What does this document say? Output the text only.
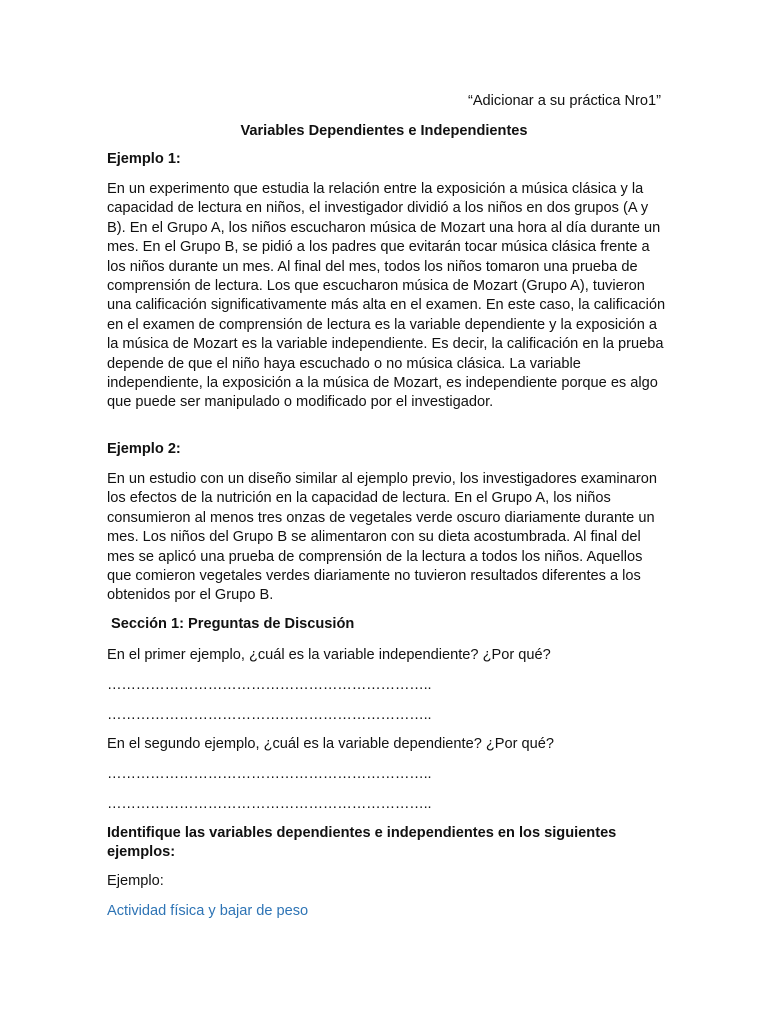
“Adicionar a su práctica Nro1”
Variables Dependientes e Independientes
Ejemplo 1:

En un experimento que estudia la relación entre la exposición a música clásica y la capacidad de lectura en niños, el investigador dividió a los niños en dos grupos (A y B). En el Grupo A, los niños escucharon música de Mozart una hora al día durante un mes. En el Grupo B, se pidió a los padres que evitarán tocar música clásica frente a los niños durante un mes. Al final del mes, todos los niños tomaron una prueba de comprensión de lectura. Los que escucharon música de Mozart (Grupo A), tuvieron una calificación significativamente más alta en el examen. En este caso, la calificación en el examen de comprensión de lectura es la variable dependiente y la exposición a la música de Mozart es la variable independiente. Es decir, la calificación en la prueba depende de que el niño haya escuchado o no música clásica. La variable independiente, la exposición a la música de Mozart, es independiente porque es algo que puede ser manipulado o modificado por el investigador.

Ejemplo 2:

En un estudio con un diseño similar al ejemplo previo, los investigadores examinaron los efectos de la nutrición en la capacidad de lectura. En el Grupo A, los niños consumieron al menos tres onzas de vegetales verde oscuro diariamente durante un mes. Los niños del Grupo B se alimentaron con su dieta acostumbrada. Al final del mes se aplicó una prueba de comprensión de la lectura a todos los niños. Aquellos que comieron vegetales verdes diariamente no tuvieron resultados diferentes a los obtenidos por el Grupo B.

Sección 1: Preguntas de Discusión
En el primer ejemplo, ¿cuál es la variable independiente? ¿Por qué?
…………………………………………………………..
…………………………………………………………..
En el segundo ejemplo, ¿cuál es la variable dependiente? ¿Por qué?
…………………………………………………………..
…………………………………………………………..

Identifique las variables dependientes e independientes en los siguientes ejemplos:

Ejemplo:
Actividad física y bajar de peso
